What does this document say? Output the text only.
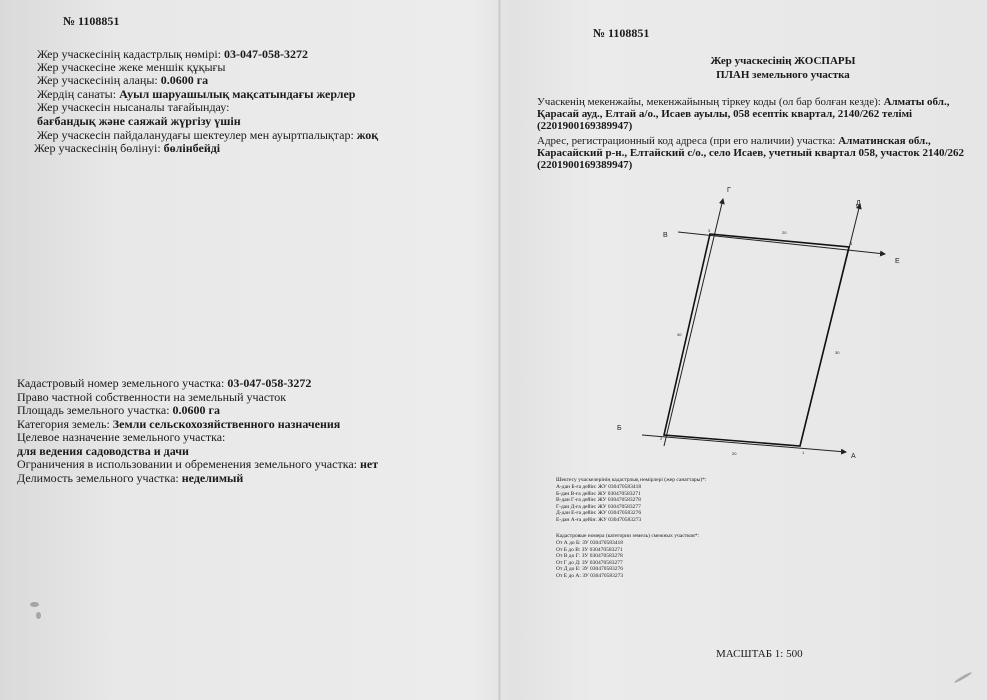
№ 1108851
Жер учаскесінің кадастрлық нөмірі: 03-047-058-3272
Жер учаскесіне жеке меншік құқығы
Жер учаскесінің алаңы: 0.0600 га
Жердің санаты: Ауыл шаруашылық мақсатындағы жерлер
Жер учаскесін нысаналы тағайындау:
бағбандық және саяжай жүргізу үшін
Жер учаскесін пайдаланудағы шектеулер мен ауыртпалықтар: жоқ
Жер учаскесінің бөлінуі: бөлінбейді
Кадастровый номер земельного участка: 03-047-058-3272
Право частной собственности на земельный участок
Площадь земельного участка: 0.0600 га
Категория земель: Земли сельскохозяйственного назначения
Целевое назначение земельного участка:
для ведения садоводства и дачи
Ограничения в использовании и обременения земельного участка: нет
Делимость земельного участка: неделимый
№ 1108851
Жер учаскесінің ЖОСПАРЫ
ПЛАН земельного участка
Учаскенің мекенжайы, мекенжайының тіркеу коды (ол бар болған кезде): Алматы обл.,
Қарасай ауд., Елтай а/о., Исаев ауылы, 058 есептік квартал, 2140/262 телімі
(2201900169389947)
Адрес, регистрационный код адреса (при его наличии) участка: Алматинская обл.,
Карасайский р-н., Елтайский с/о., село Исаев, учетный квартал 058, участок 2140/262
(2201900169389947)
Г
Д
В
Е
Б
А
3
4
2
1
20
30
30
20
Шектесу учаскелерінің кадастрлық нөмірлері (жер санаттары)*:
А-дан Б-ға дейін: ЖУ 030470583418
Б-дан В-ға дейін: ЖУ 030470583271
В-дан Г-ға дейін: ЖУ 030470583278
Г-дан Д-ға дейін: ЖУ 030470583277
Д-дан Е-ға дейін: ЖУ 030470583276
Е-дан А-ға дейін: ЖУ 030470583273
Кадастровые номера (категории земель) смежных участков*:
От А до Б: ЗУ 030470583418
От Б до В: ЗУ 030470583271
От В до Г: ЗУ 030470583278
От Г до Д: ЗУ 030470583277
От Д до Е: ЗУ 030470583276
От Е до А: ЗУ 030470583273
МАСШТАБ 1: 500
